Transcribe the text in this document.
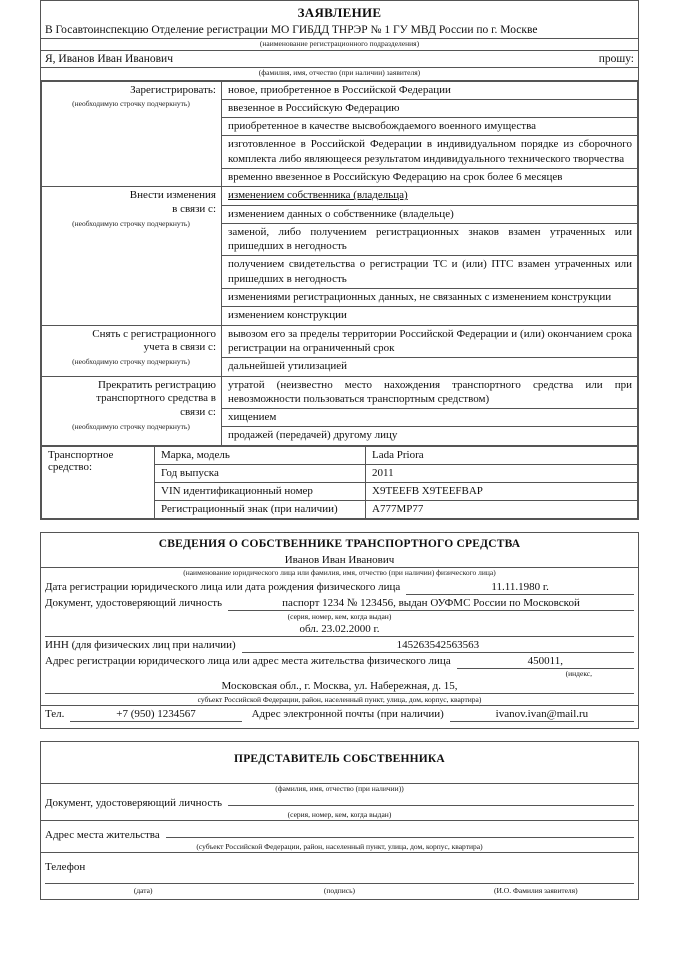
ЗАЯВЛЕНИЕ
В Госавтоинспекцию Отделение регистрации МО ГИБДД ТНРЭР № 1 ГУ МВД России по г. Москве
(наименование регистрационного подразделения)
Я, Иванов Иван Иванович	прошу:
(фамилия, имя, отчество (при наличии) заявителя)
Зарегистрировать:
(необходимую строчку подчеркнуть)

новое, приобретенное в Российской Федерации
ввезенное в Российскую Федерацию
приобретенное в качестве высвобождаемого военного имущества
изготовленное в Российской Федерации в индивидуальном порядке из сборочного комплекта либо являющееся результатом индивидуального технического творчества
временно ввезенное в Российскую Федерацию на срок более 6 месяцев

Внести изменения
в связи с:
(необходимую строчку подчеркнуть)

изменением собственника (владельца)
изменением данных о собственнике (владельце)
заменой, либо получением регистрационных знаков взамен утраченных или пришедших в негодность
получением свидетельства о регистрации ТС и (или) ПТС взамен утраченных или пришедших в негодность
изменениями регистрационных данных, не связанных с изменением конструкции
изменением конструкции

Снять с регистрационного
учета в связи с:
(необходимую строчку подчеркнуть)

вывозом его за пределы территории Российской Федерации и (или) окончанием срока регистрации на ограниченный срок
дальнейшей утилизацией

Прекратить регистрацию
транспортного средства в
связи с:
(необходимую строчку подчеркнуть)

утратой (неизвестно место нахождения транспортного средства или при невозможности пользоваться транспортным средством)
хищением
продажей (передачей) другому лицу
Транспортное средство:	Марка, модель	Lada Priora
	Год выпуска	2011
	VIN идентификационный номер	X9TEEFB X9TEEFBAP
	Регистрационный знак (при наличии)	A777MP77
СВЕДЕНИЯ О СОБСТВЕННИКЕ ТРАНСПОРТНОГО СРЕДСТВА
Иванов Иван Иванович
(наименование юридического лица или фамилия, имя, отчество (при наличии) физического лица)
Дата регистрации юридического лица или дата рождения физического лица	11.11.1980 г.
Документ, удостоверяющий личность	паспорт 1234 № 123456, выдан ОУФМС России по Московской
(серия, номер, кем, когда выдан)
обл. 23.02.2000 г.
ИНН (для физических лиц при наличии)	145263542563563
Адрес регистрации юридического лица или адрес места жительства физического лица	450011,
(индекс,
Московская обл., г. Москва, ул. Набережная, д. 15,
субъект Российской Федерации, район, населенный пункт, улица, дом, корпус, квартира)
Тел.	+7 (950) 1234567	Адрес электронной почты (при наличии)	ivanov.ivan@mail.ru
ПРЕДСТАВИТЕЛЬ СОБСТВЕННИКА
(фамилия, имя, отчество (при наличии))
Документ, удостоверяющий личность
(серия, номер, кем, когда выдан)
Адрес места жительства
(субъект Российской Федерации, район, населенный пункт, улица, дом, корпус, квартира)
Телефон
(дата)	(подпись)	(И.О. Фамилия заявителя)
